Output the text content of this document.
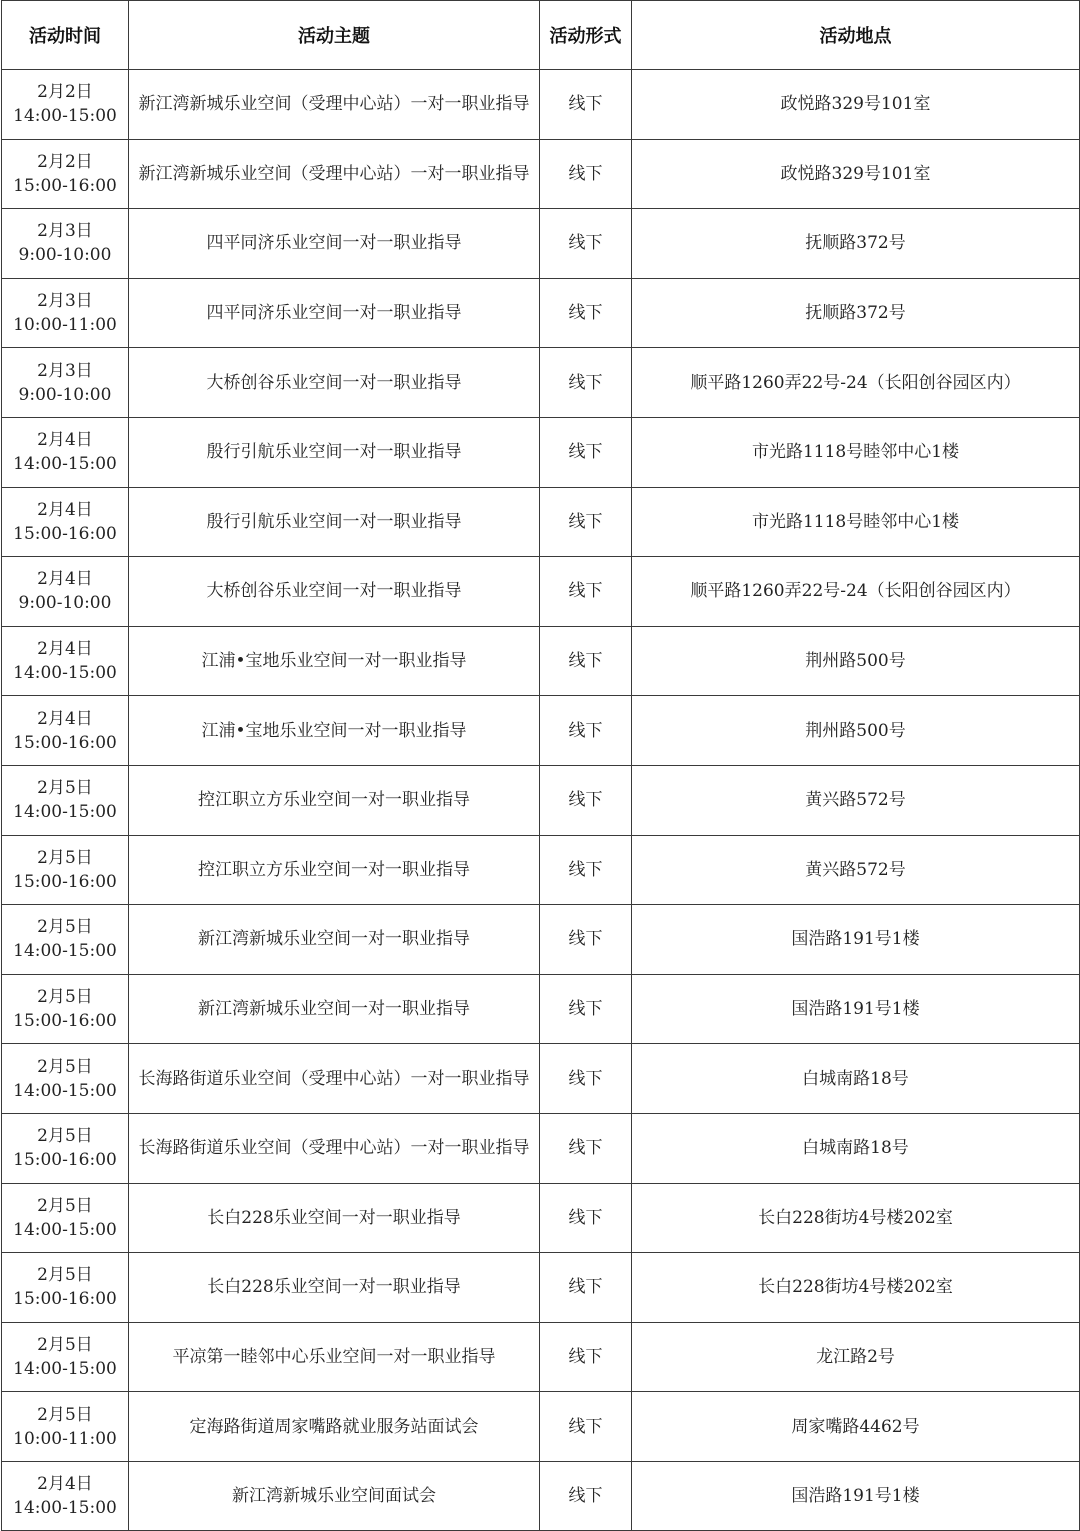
活动时间	活动主题	活动形式	活动地点

2月2日
14:00-15:00	新江湾新城乐业空间（受理中心站）一对一职业指导	线下	政悦路329号101室

2月2日
15:00-16:00	新江湾新城乐业空间（受理中心站）一对一职业指导	线下	政悦路329号101室

2月3日
9:00-10:00	四平同济乐业空间一对一职业指导	线下	抚顺路372号

2月3日
10:00-11:00	四平同济乐业空间一对一职业指导	线下	抚顺路372号

2月3日
9:00-10:00	大桥创谷乐业空间一对一职业指导	线下	顺平路1260弄22号-24（长阳创谷园区内）

2月4日
14:00-15:00	殷行引航乐业空间一对一职业指导	线下	市光路1118号睦邻中心1楼

2月4日
15:00-16:00	殷行引航乐业空间一对一职业指导	线下	市光路1118号睦邻中心1楼

2月4日
9:00-10:00	大桥创谷乐业空间一对一职业指导	线下	顺平路1260弄22号-24（长阳创谷园区内）

2月4日
14:00-15:00	江浦•宝地乐业空间一对一职业指导	线下	荆州路500号

2月4日
15:00-16:00	江浦•宝地乐业空间一对一职业指导	线下	荆州路500号

2月5日
14:00-15:00	控江职立方乐业空间一对一职业指导	线下	黄兴路572号

2月5日
15:00-16:00	控江职立方乐业空间一对一职业指导	线下	黄兴路572号

2月5日
14:00-15:00	新江湾新城乐业空间一对一职业指导	线下	国浩路191号1楼

2月5日
15:00-16:00	新江湾新城乐业空间一对一职业指导	线下	国浩路191号1楼

2月5日
14:00-15:00	长海路街道乐业空间（受理中心站）一对一职业指导	线下	白城南路18号

2月5日
15:00-16:00	长海路街道乐业空间（受理中心站）一对一职业指导	线下	白城南路18号

2月5日
14:00-15:00	长白228乐业空间一对一职业指导	线下	长白228街坊4号楼202室

2月5日
15:00-16:00	长白228乐业空间一对一职业指导	线下	长白228街坊4号楼202室

2月5日
14:00-15:00	平凉第一睦邻中心乐业空间一对一职业指导	线下	龙江路2号

2月5日
10:00-11:00	定海路街道周家嘴路就业服务站面试会	线下	周家嘴路4462号

2月4日
14:00-15:00	新江湾新城乐业空间面试会	线下	国浩路191号1楼
